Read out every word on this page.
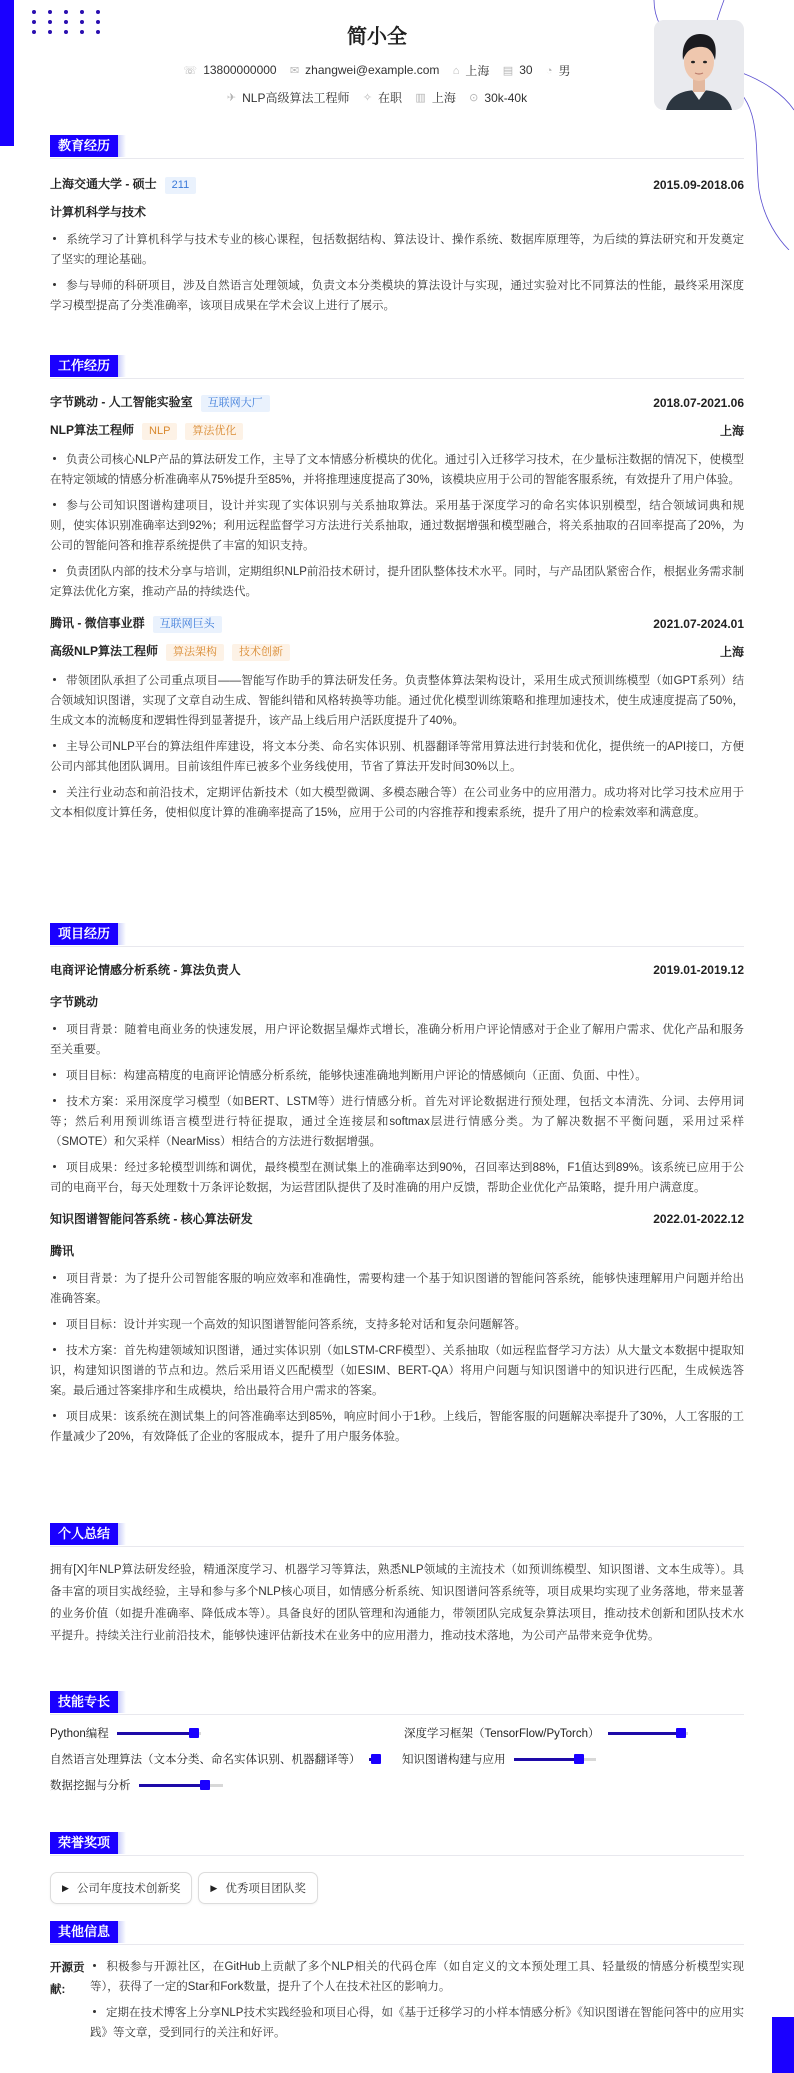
简小全
☏ 13800000000
✉ zhangwei@example.com
⌂ 上海
▤ 30
◔ 男
✈ NLP高级算法工程师
✧ 在职
▥ 上海
⊙ 30k-40k
教育经历
上海交通大学 - 硕士 211	2015.09-2018.06
计算机科学与技术
系统学习了计算机科学与技术专业的核心课程，包括数据结构、算法设计、操作系统、数据库原理等，为后续的算法研究和开发奠定了坚实的理论基础。
参与导师的科研项目，涉及自然语言处理领域，负责文本分类模块的算法设计与实现，通过实验对比不同算法的性能，最终采用深度学习模型提高了分类准确率，该项目成果在学术会议上进行了展示。
工作经历
字节跳动 - 人工智能实验室 互联网大厂	2018.07-2021.06
NLP算法工程师 NLP 算法优化	上海
负责公司核心NLP产品的算法研发工作，主导了文本情感分析模块的优化。通过引入迁移学习技术，在少量标注数据的情况下，使模型在特定领域的情感分析准确率从75%提升至85%，并将推理速度提高了30%，该模块应用于公司的智能客服系统，有效提升了用户体验。
参与公司知识图谱构建项目，设计并实现了实体识别与关系抽取算法。采用基于深度学习的命名实体识别模型，结合领域词典和规则，使实体识别准确率达到92%；利用远程监督学习方法进行关系抽取，通过数据增强和模型融合，将关系抽取的召回率提高了20%，为公司的智能问答和推荐系统提供了丰富的知识支持。
负责团队内部的技术分享与培训，定期组织NLP前沿技术研讨，提升团队整体技术水平。同时，与产品团队紧密合作，根据业务需求制定算法优化方案，推动产品的持续迭代。
腾讯 - 微信事业群 互联网巨头	2021.07-2024.01
高级NLP算法工程师 算法架构 技术创新	上海
带领团队承担了公司重点项目——智能写作助手的算法研发任务。负责整体算法架构设计，采用生成式预训练模型（如GPT系列）结合领域知识图谱，实现了文章自动生成、智能纠错和风格转换等功能。通过优化模型训练策略和推理加速技术，使生成速度提高了50%，生成文本的流畅度和逻辑性得到显著提升，该产品上线后用户活跃度提升了40%。
主导公司NLP平台的算法组件库建设，将文本分类、命名实体识别、机器翻译等常用算法进行封装和优化，提供统一的API接口，方便公司内部其他团队调用。目前该组件库已被多个业务线使用，节省了算法开发时间30%以上。
关注行业动态和前沿技术，定期评估新技术（如大模型微调、多模态融合等）在公司业务中的应用潜力。成功将对比学习技术应用于文本相似度计算任务，使相似度计算的准确率提高了15%，应用于公司的内容推荐和搜索系统，提升了用户的检索效率和满意度。
项目经历
电商评论情感分析系统 - 算法负责人	2019.01-2019.12
字节跳动
项目背景：随着电商业务的快速发展，用户评论数据呈爆炸式增长，准确分析用户评论情感对于企业了解用户需求、优化产品和服务至关重要。
项目目标：构建高精度的电商评论情感分析系统，能够快速准确地判断用户评论的情感倾向（正面、负面、中性）。
技术方案：采用深度学习模型（如BERT、LSTM等）进行情感分析。首先对评论数据进行预处理，包括文本清洗、分词、去停用词等；然后利用预训练语言模型进行特征提取，通过全连接层和softmax层进行情感分类。为了解决数据不平衡问题，采用过采样（SMOTE）和欠采样（NearMiss）相结合的方法进行数据增强。
项目成果：经过多轮模型训练和调优，最终模型在测试集上的准确率达到90%，召回率达到88%，F1值达到89%。该系统已应用于公司的电商平台，每天处理数十万条评论数据，为运营团队提供了及时准确的用户反馈，帮助企业优化产品策略，提升用户满意度。
知识图谱智能问答系统 - 核心算法研发	2022.01-2022.12
腾讯
项目背景：为了提升公司智能客服的响应效率和准确性，需要构建一个基于知识图谱的智能问答系统，能够快速理解用户问题并给出准确答案。
项目目标：设计并实现一个高效的知识图谱智能问答系统，支持多轮对话和复杂问题解答。
技术方案：首先构建领域知识图谱，通过实体识别（如LSTM-CRF模型）、关系抽取（如远程监督学习方法）从大量文本数据中提取知识，构建知识图谱的节点和边。然后采用语义匹配模型（如ESIM、BERT-QA）将用户问题与知识图谱中的知识进行匹配，生成候选答案。最后通过答案排序和生成模块，给出最符合用户需求的答案。
项目成果：该系统在测试集上的问答准确率达到85%，响应时间小于1秒。上线后，智能客服的问题解决率提升了30%，人工客服的工作量减少了20%，有效降低了企业的客服成本，提升了用户服务体验。
个人总结
拥有[X]年NLP算法研发经验，精通深度学习、机器学习等算法，熟悉NLP领域的主流技术（如预训练模型、知识图谱、文本生成等）。具备丰富的项目实战经验，主导和参与多个NLP核心项目，如情感分析系统、知识图谱问答系统等，项目成果均实现了业务落地，带来显著的业务价值（如提升准确率、降低成本等）。具备良好的团队管理和沟通能力，带领团队完成复杂算法项目，推动技术创新和团队技术水平提升。持续关注行业前沿技术，能够快速评估新技术在业务中的应用潜力，推动技术落地，为公司产品带来竞争优势。
技能专长
Python编程	深度学习框架（TensorFlow/PyTorch）
自然语言处理算法（文本分类、命名实体识别、机器翻译等）	知识图谱构建与应用
数据挖掘与分析
荣誉奖项
▶ 公司年度技术创新奖	▶ 优秀项目团队奖
其他信息
开源贡献:
积极参与开源社区，在GitHub上贡献了多个NLP相关的代码仓库（如自定义的文本预处理工具、轻量级的情感分析模型实现等），获得了一定的Star和Fork数量，提升了个人在技术社区的影响力。
定期在技术博客上分享NLP技术实践经验和项目心得，如《基于迁移学习的小样本情感分析》《知识图谱在智能问答中的应用实践》等文章，受到同行的关注和好评。
